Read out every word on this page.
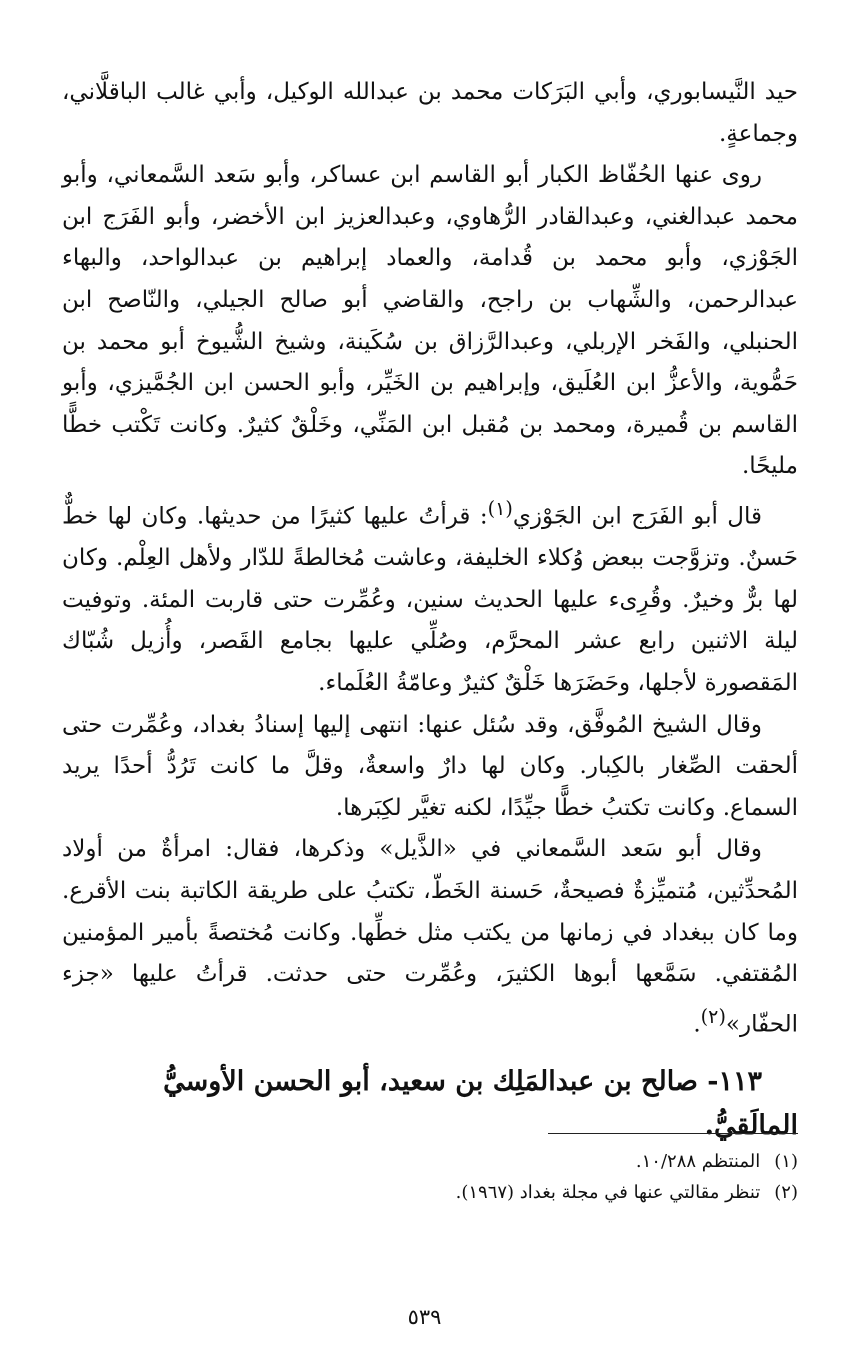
حيد النَّيسابوري، وأبي البَرَكات محمد بن عبدالله الوكيل، وأبي غالب الباقلَّاني، وجماعةٍ.

روى عنها الحُفّاظ الكبار أبو القاسم ابن عساكر، وأبو سَعد السَّمعاني، وأبو محمد عبدالغني، وعبدالقادر الرُّهاوي، وعبدالعزيز ابن الأخضر، وأبو الفَرَج ابن الجَوْزي، وأبو محمد بن قُدامة، والعماد إبراهيم بن عبدالواحد، والبهاء عبدالرحمن، والشِّهاب بن راجح، والقاضي أبو صالح الجيلي، والنّاصح ابن الحنبلي، والفَخر الإربلي، وعبدالرَّزاق بن سُكَينة، وشيخ الشُّيوخ أبو محمد بن حَمُّوية، والأعزُّ ابن العُلَيق، وإبراهيم بن الخَيِّر، وأبو الحسن ابن الجُمَّيزي، وأبو القاسم بن قُميرة، ومحمد بن مُقبل ابن المَنِّي، وخَلْقٌ كثيرٌ. وكانت تَكْتب خطًّا مليحًا.

قال أبو الفَرَج ابن الجَوْزي$^{(١)}$: قرأتُ عليها كثيرًا من حديثها. وكان لها خطٌّ حَسنٌ. وتزوَّجت ببعض وُكلاء الخليفة، وعاشت مُخالطةً للدّار ولأهل العِلْم. وكان لها برٌّ وخيرٌ. وقُرِىء عليها الحديث سنين، وعُمِّرت حتى قاربت المئة. وتوفيت ليلة الاثنين رابع عشر المحرَّم، وصُلِّي عليها بجامع القَصر، وأُزيل شُبّاك المَقصورة لأجلها، وحَضَرَها خَلْقٌ كثيرٌ وعامّةُ العُلَماء.

وقال الشيخ المُوفَّق، وقد سُئل عنها: انتهى إليها إسنادُ بغداد، وعُمِّرت حتى ألحقت الصِّغار بالكِبار. وكان لها دارٌ واسعةٌ، وقلَّ ما كانت تَرُدُّ أحدًا يريد السماع. وكانت تكتبُ خطًّا جيِّدًا، لكنه تغيَّر لكِبَرها.

وقال أبو سَعد السَّمعاني في «الذَّيل» وذكرها، فقال: امرأةٌ من أولاد المُحدِّثين، مُتميِّزةٌ فصيحةٌ، حَسنة الخَطّ، تكتبُ على طريقة الكاتبة بنت الأقرع. وما كان ببغداد في زمانها من يكتب مثل خطِّها. وكانت مُختصةً بأمير المؤمنين المُقتفي. سَمَّعها أبوها الكثيرَ، وعُمِّرت حتى حدثت. قرأتُ عليها «جزء الحفّار»$^{(٢)}$.

١١٣- صالح بن عبدالمَلِك بن سعيد، أبو الحسن الأوسيُّ المالَقيُّ.

(١)المنتظم ١٠/٢٨٨.
(٢)تنظر مقالتي عنها في مجلة بغداد (١٩٦٧).
٥٣٩
